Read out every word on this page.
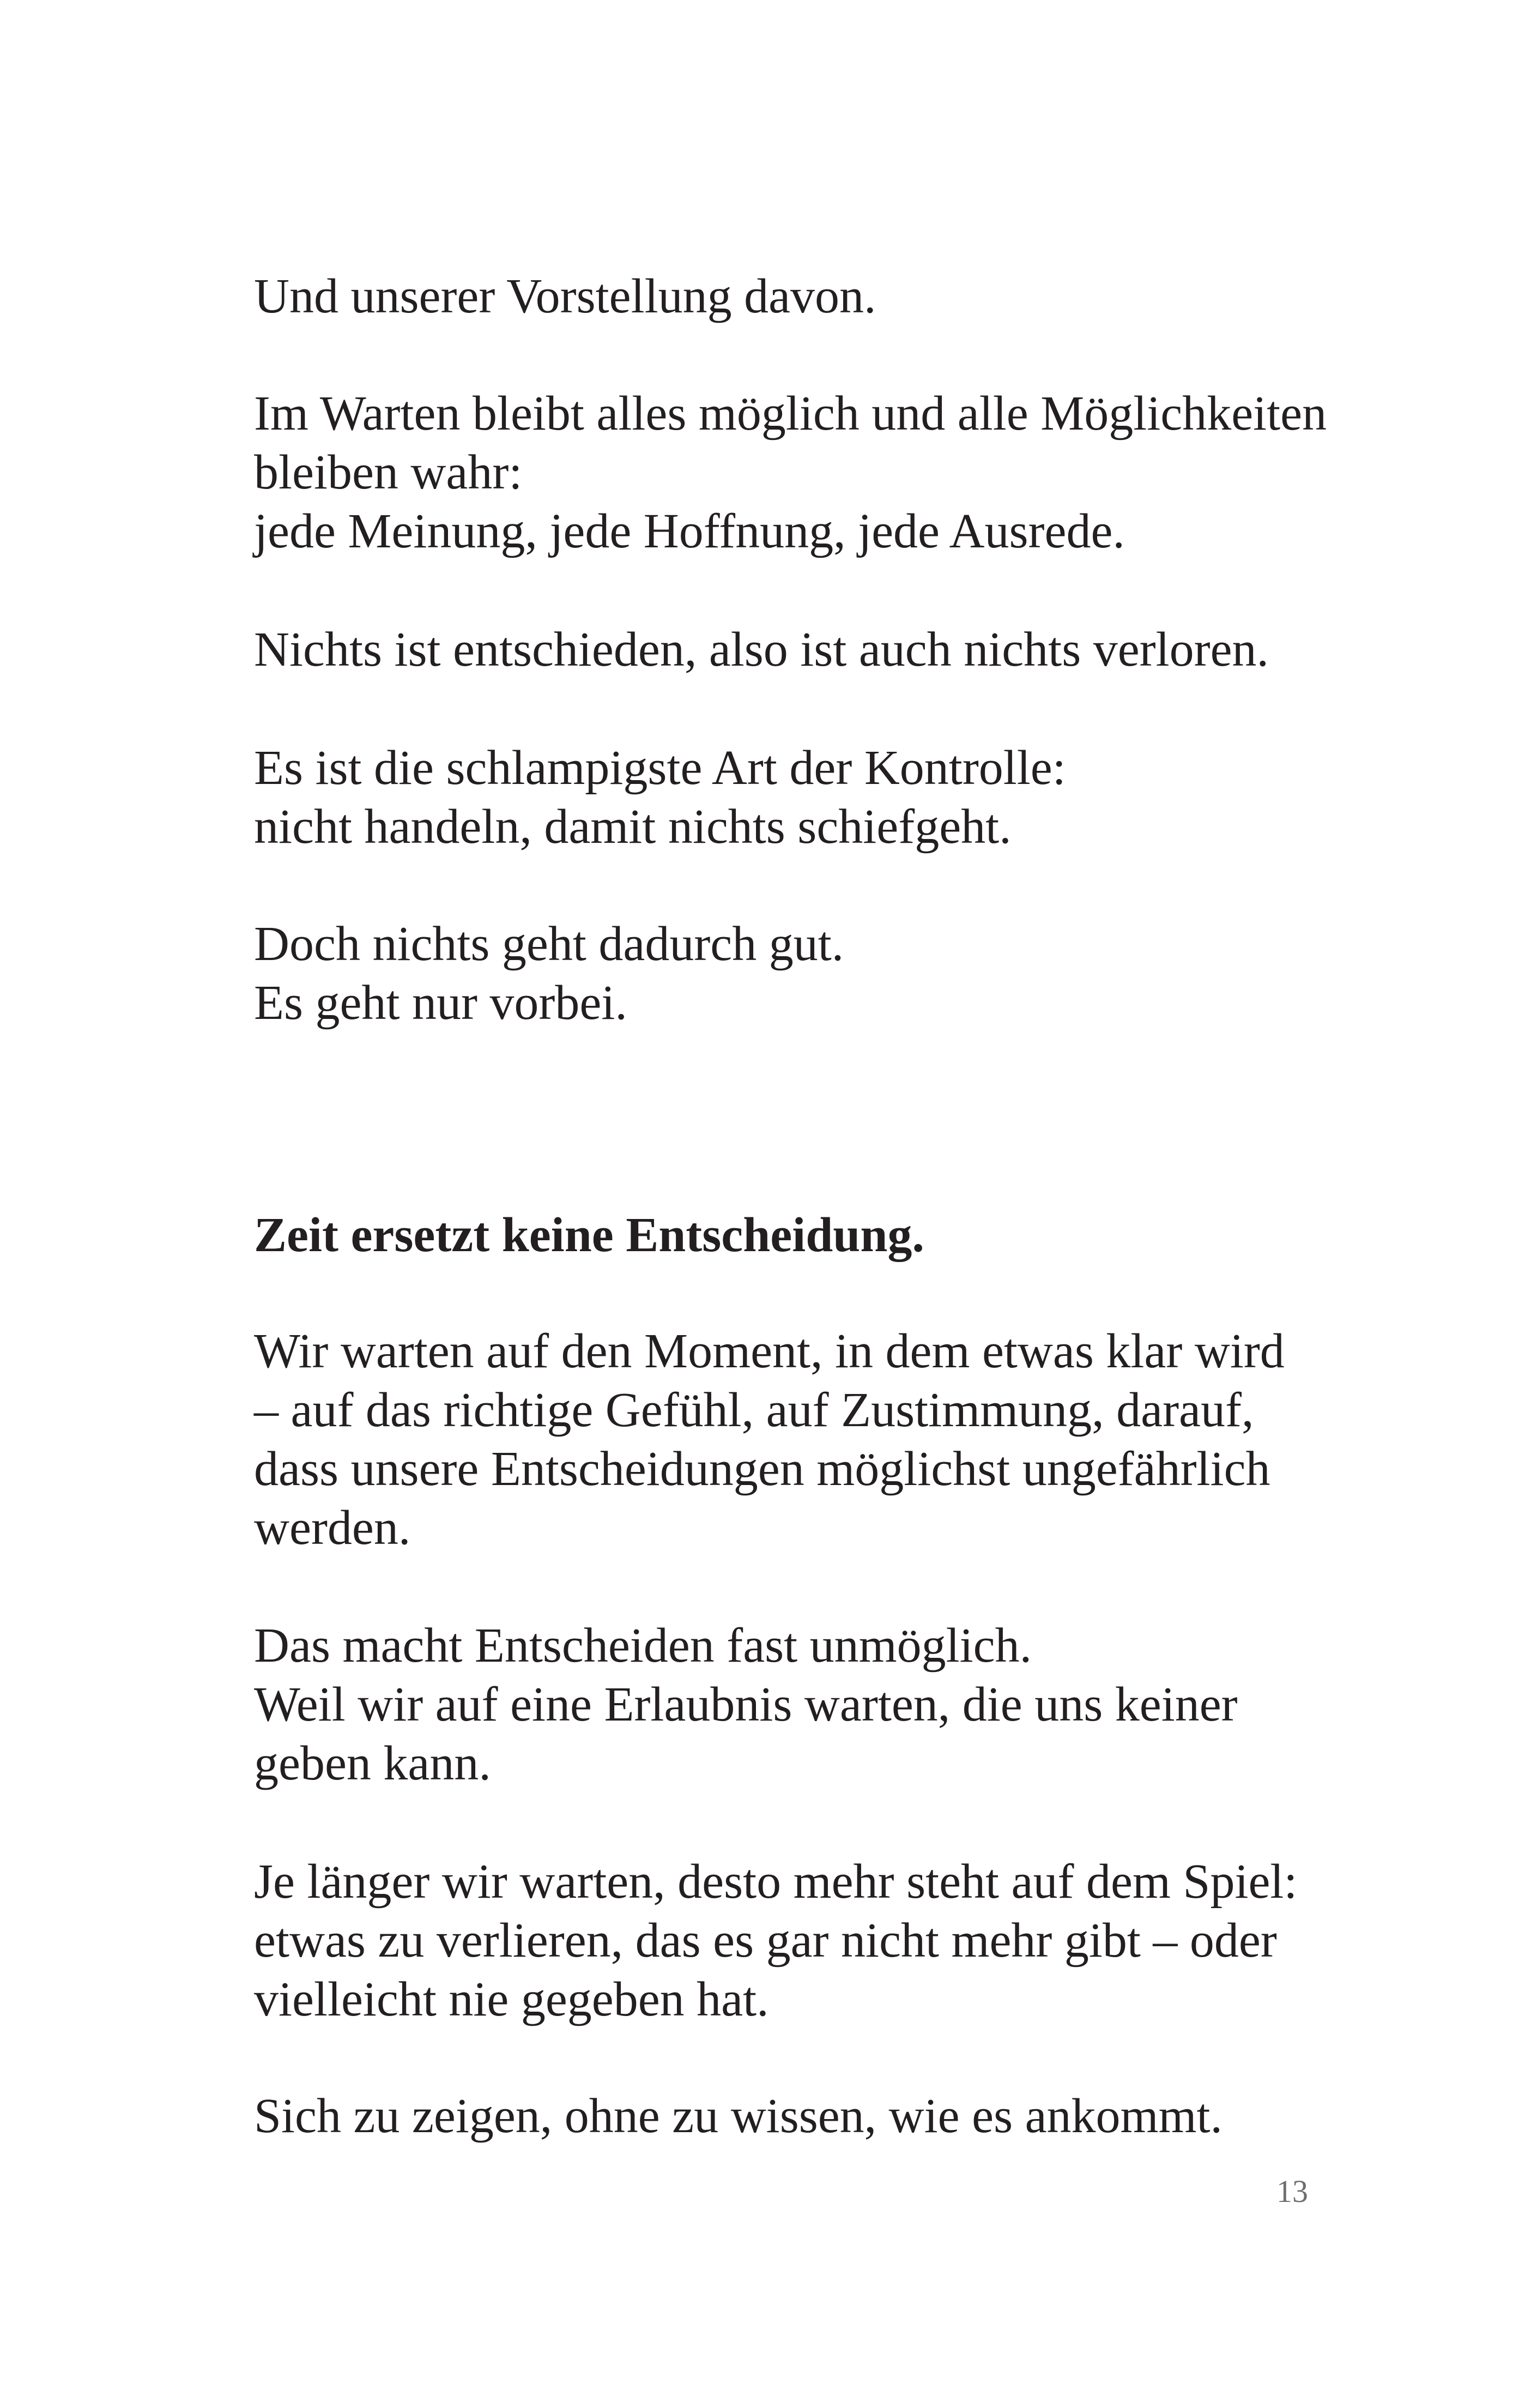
Und unserer Vorstellung davon.
Im Warten bleibt alles möglich und alle Möglichkeiten
bleiben wahr:
jede Meinung, jede Hoffnung, jede Ausrede.
Nichts ist entschieden, also ist auch nichts verloren.
Es ist die schlampigste Art der Kontrolle:
nicht handeln, damit nichts schiefgeht.
Doch nichts geht dadurch gut.
Es geht nur vorbei.
Zeit ersetzt keine Entscheidung.
Wir warten auf den Moment, in dem etwas klar wird
– auf das richtige Gefühl, auf Zustimmung, darauf,
dass unsere Entscheidungen möglichst ungefährlich
werden.
Das macht Entscheiden fast unmöglich.
Weil wir auf eine Erlaubnis warten, die uns keiner
geben kann.
Je länger wir warten, desto mehr steht auf dem Spiel:
etwas zu verlieren, das es gar nicht mehr gibt – oder
vielleicht nie gegeben hat.
Sich zu zeigen, ohne zu wissen, wie es ankommt.
13
